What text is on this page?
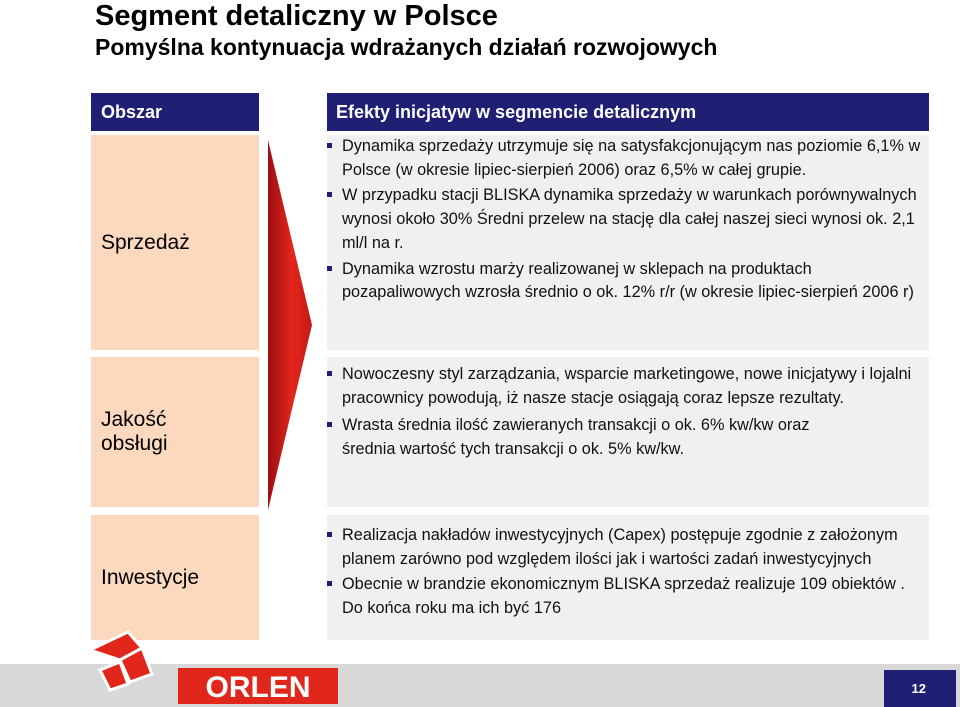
Segment detaliczny w Polsce
Pomyślna kontynuacja wdrażanych działań rozwojowych
Obszar	Efekty inicjatyw w segmencie detalicznym
Sprzedaż
Dynamika sprzedaży utrzymuje się na satysfakcjonującym nas poziomie 6,1% w Polsce (w okresie lipiec-sierpień 2006) oraz 6,5% w całej grupie.
W przypadku stacji BLISKA dynamika sprzedaży w warunkach porównywalnych wynosi około 30% Średni przelew na stację dla całej naszej sieci wynosi ok. 2,1 ml/l na r.
Dynamika wzrostu marży realizowanej w sklepach na produktach pozapaliwowych wzrosła średnio o ok. 12% r/r (w okresie lipiec-sierpień 2006 r)
Jakość obsługi
Nowoczesny styl zarządzania, wsparcie marketingowe, nowe inicjatywy i lojalni pracownicy powodują, iż nasze stacje osiągają coraz lepsze rezultaty.
Wrasta średnia ilość zawieranych transakcji o ok. 6% kw/kw oraz średnia wartość tych transakcji o ok. 5% kw/kw.
Inwestycje
Realizacja nakładów inwestycyjnych (Capex) postępuje zgodnie z założonym planem zarówno pod względem ilości jak i wartości zadań inwestycyjnych
Obecnie w brandzie ekonomicznym BLISKA sprzedaż realizuje 109 obiektów . Do końca roku ma ich być 176
ORLEN	12
